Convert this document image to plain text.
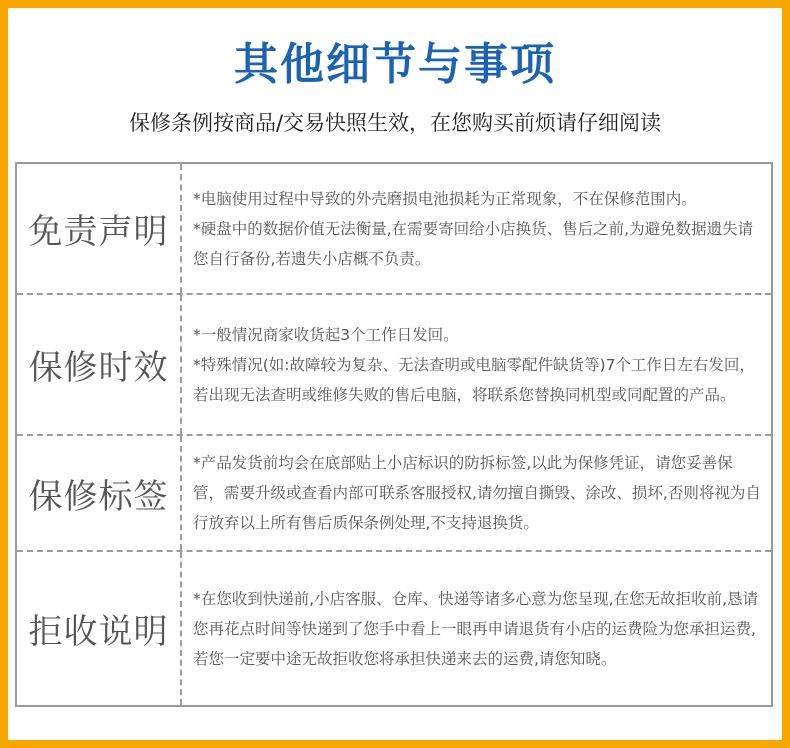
其他细节与事项
保修条例按商品/交易快照生效，在您购买前烦请仔细阅读
免责声明

*电脑使用过程中导致的外壳磨损电池损耗为正常现象，不在保修范围内。

*硬盘中的数据价值无法衡量,在需要寄回给小店换货、售后之前,为避免数据遗失请您自行备份,若遗失小店概不负责。

保修时效

*一般情况商家收货起3个工作日发回。

*特殊情况(如:故障较为复杂、无法查明或电脑零配件缺货等)7个工作日左右发回，若出现无法查明或维修失败的售后电脑，将联系您替换同机型或同配置的产品。

保修标签

*产品发货前均会在底部贴上小店标识的防拆标签,以此为保修凭证，请您妥善保管，需要升级或查看内部可联系客服授权,请勿擅自撕毁、涂改、损坏,否则将视为自行放弃以上所有售后质保条例处理,不支持退换货。

拒收说明

*在您收到快递前,小店客服、仓库、快递等诸多心意为您呈现,在您无故拒收前,恳请您再花点时间等快递到了您手中看上一眼再申请退货有小店的运费险为您承担运费,若您一定要中途无故拒收您将承担快递来去的运费,请您知晓。
